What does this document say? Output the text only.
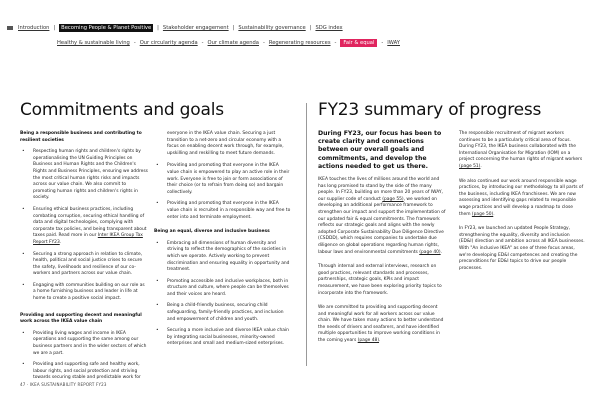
Introduction |	Becoming People & Planet Positive	| Stakeholder engagement | Sustainability governance | SDG index
Healthy & sustainable living - Our circularity agenda - Our climate agenda - Regenerating resources -	Fair & equal	- IWAY
Commitments and goals	FY23 summary of progress

Being a responsible business and contributing to resilient societies

• Respecting human rights and children's rights by operationalising the UN Guiding Principles on Business and Human Rights and the Children's Rights and Business Principles, ensuring we address the most critical human rights risks and impacts across our value chain. We also commit to promoting human rights and children's rights in society.
• Ensuring ethical business practices, including combating corruption, securing ethical handling of data and digital technologies, complying with corporate tax policies, and being transparent about taxes paid. Read more in our Inter IKEA Group Tax Report FY23.
• Securing a strong approach in relation to climate, health, political and social justice crises to secure the safety, livelihoods and resilience of our co-workers and partners across our value chain.
• Engaging with communities building on our role as a home furnishing business and leader in life at home to create a positive social impact.

Providing and supporting decent and meaningful work across the IKEA value chain

• Providing living wages and income in IKEA operations and supporting the same among our business partners and in the wider sectors of which we are a part.
• Providing and supporting safe and healthy work, labour rights, and social protection and striving towards securing stable and predictable work for

everyone in the IKEA value chain. Securing a just transition to a net-zero and circular economy with a focus on enabling decent work through, for example, upskilling and reskilling to meet future demands.

• Providing and promoting that everyone in the IKEA value chain is empowered to play an active role in their work. Everyone is free to join or form associations of their choice (or to refrain from doing so) and bargain collectively.
• Providing and promoting that everyone in the IKEA value chain is recruited in a responsible way and free to enter into and terminate employment.

Being an equal, diverse and inclusive business

• Embracing all dimensions of human diversity and striving to reflect the demographics of the societies in which we operate. Actively working to prevent discrimination and ensuring equality in opportunity and treatment.
• Promoting accessible and inclusive workplaces, both in structure and culture, where people can be themselves and their voices are heard.
• Being a child-friendly business, securing child safeguarding, family-friendly practices, and inclusion and empowerment of children and youth.
• Securing a more inclusive and diverse IKEA value chain by integrating social businesses, minority-owned enterprises and small and medium-sized enterprises.

During FY23, our focus has been to create clarity and connections between our overall goals and commitments, and develop the actions needed to get us there.

IKEA touches the lives of millions around the world and has long promised to stand by the side of the many people. In FY23, building on more than 20 years of IWAY, our supplier code of conduct (page 55), we worked on developing an additional performance framework to strengthen our impact and support the implementation of our updated fair & equal commitments. The framework reflects our strategic goals and aligns with the newly adopted Corporate Sustainability Due Diligence Directive (CSDDD), which requires companies to undertake due diligence on global operations regarding human rights, labour laws and environmental commitments (page 40).

Through internal and external interviews, research on good practices, relevant standards and processes, partnerships, strategic goals, KPIs and impact measurement, we have been exploring priority topics to incorporate into the framework.

We are committed to providing and supporting decent and meaningful work for all workers across our value chain. We have taken many actions to better understand the needs of drivers and seafarers, and have identified multiple opportunities to improve working conditions in the coming years (page 48).

The responsible recruitment of migrant workers continues to be a particularly critical area of focus. During FY23, the IKEA business collaborated with the International Organisation for Migration (IOM) on a project concerning the human rights of migrant workers (page 51).

We also continued our work around responsible wage practices, by introducing our methodology to all parts of the business, including IKEA franchisees. We are now assessing and identifying gaps related to responsible wage practices and will develop a roadmap to close them (page 50).

In FY23, we launched an updated People Strategy, strengthening the equality, diversity and inclusion (ED&I) direction and ambition across all IKEA businesses. With "An inclusive IKEA" as one of three focus areas, we're developing ED&I competences and creating the preconditions for ED&I topics to drive our people processes.

47 · IKEA SUSTAINABILITY REPORT FY23
